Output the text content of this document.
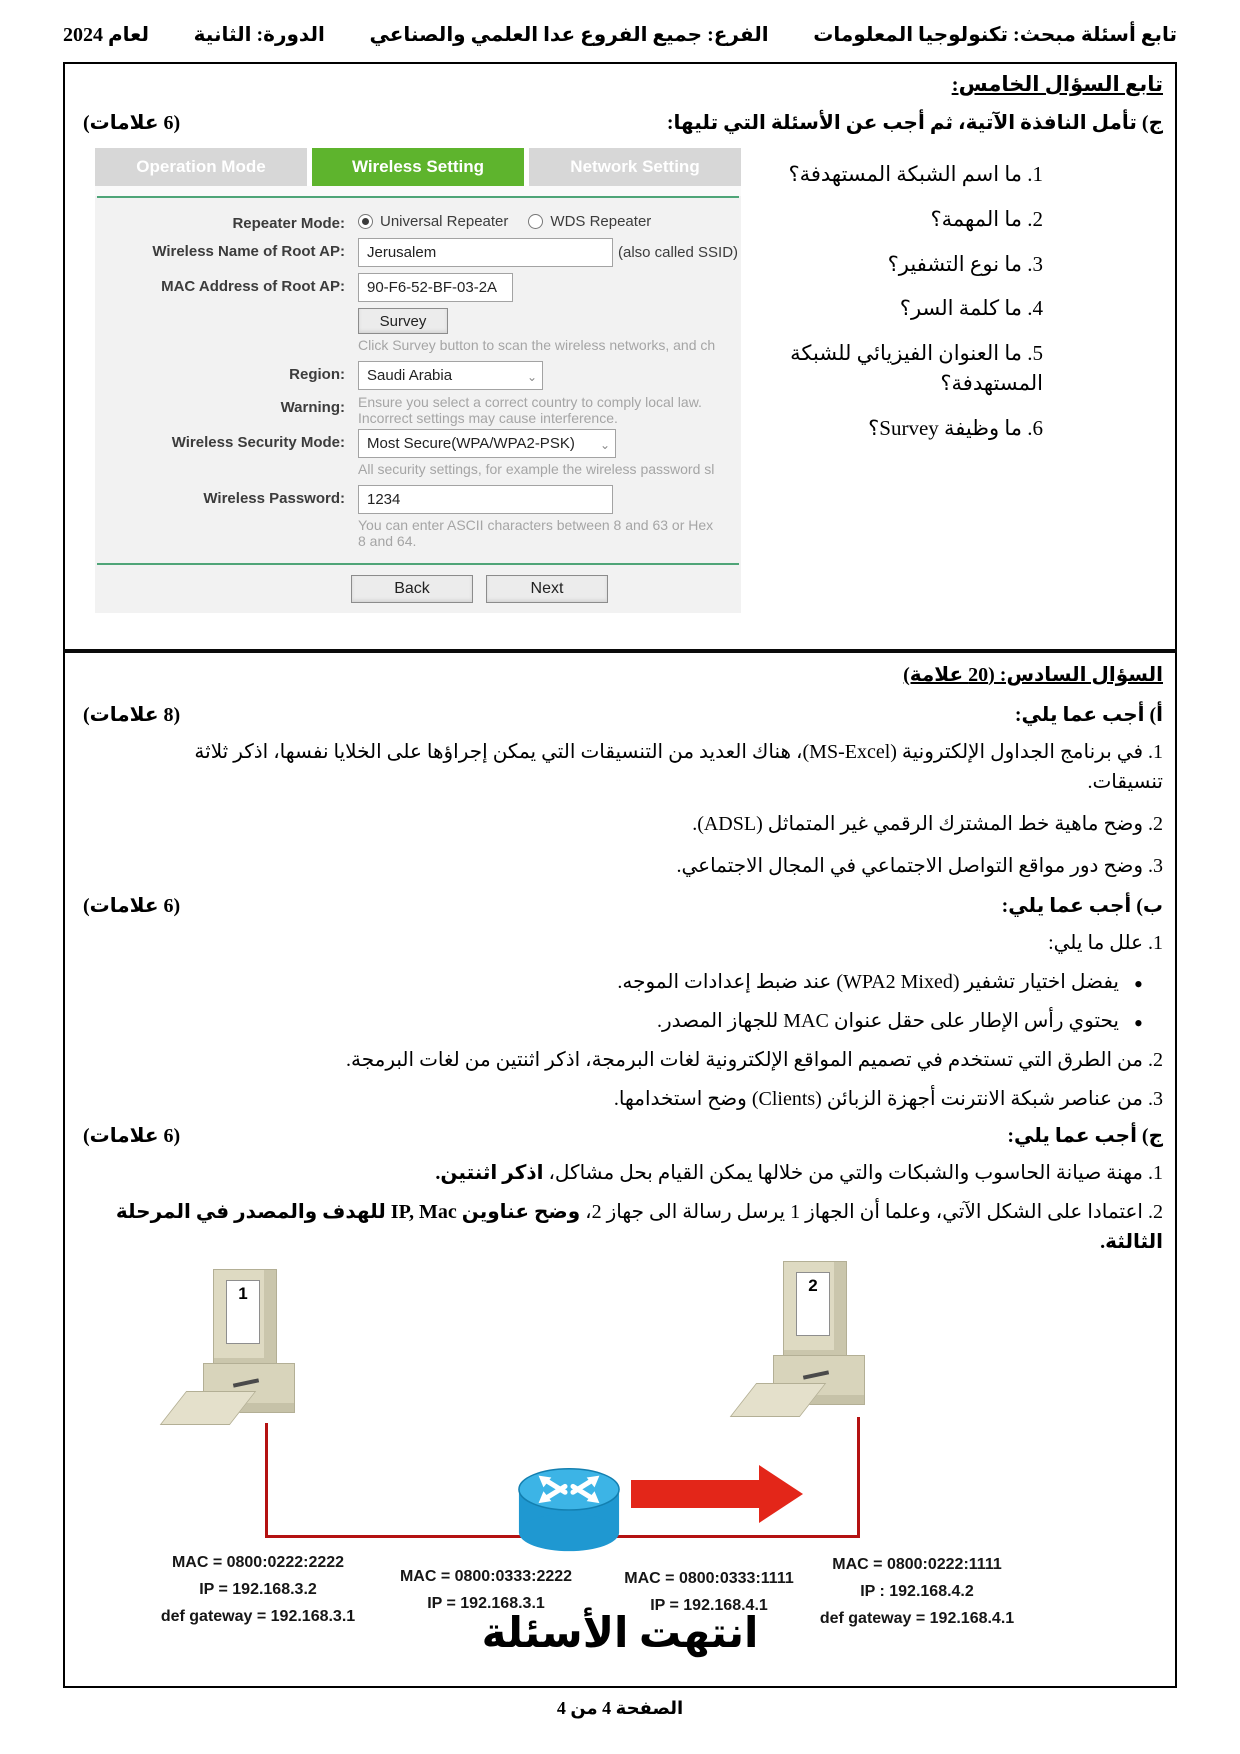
تابع أسئلة مبحث: تكنولوجيا المعلومات
الفرع: جميع الفروع عدا العلمي والصناعي
الدورة: الثانية
لعام 2024
تابع السؤال الخامس:
ج) تأمل النافذة الآتية، ثم أجب عن الأسئلة التي تليها:
(6 علامات)
Operation Mode	Wireless Setting	Network Setting
Repeater Mode: Universal Repeater	WDS Repeater
Wireless Name of Root AP:	Jerusalem	(also called SSID)
MAC Address of Root AP:	90-F6-52-BF-03-2A
Survey
Click Survey button to scan the wireless networks, and ch
Region:	Saudi Arabia	⌄
Warning: Ensure you select a correct country to comply local law.
Incorrect settings may cause interference.
Wireless Security Mode:	Most Secure(WPA/WPA2-PSK) ⌄
All security settings, for example the wireless password sl
Wireless Password:	1234
You can enter ASCII characters between 8 and 63 or Hex
8 and 64.
Back	Next

1. ما اسم الشبكة المستهدفة؟

2. ما المهمة؟

3. ما نوع التشفير؟

4. ما كلمة السر؟

5. ما العنوان الفيزيائي للشبكة المستهدفة؟

6. ما وظيفة Survey؟

السؤال السادس: (20 علامة)

أ) أجب عما يلي:
(8 علامات)

1. في برنامج الجداول الإلكترونية (MS-Excel)، هناك العديد من التنسيقات التي يمكن إجراؤها على الخلايا نفسها، اذكر ثلاثة تنسيقات.

2. وضح ماهية خط المشترك الرقمي غير المتماثل (ADSL).

3. وضح دور مواقع التواصل الاجتماعي في المجال الاجتماعي.

ب) أجب عما يلي:
(6 علامات)

1. علل ما يلي:

• يفضل اختيار تشفير (WPA2 Mixed) عند ضبط إعدادات الموجه.

• يحتوي رأس الإطار على حقل عنوان MAC للجهاز المصدر.

2. من الطرق التي تستخدم في تصميم المواقع الإلكترونية لغات البرمجة، اذكر اثنتين من لغات البرمجة.

3. من عناصر شبكة الانترنت أجهزة الزبائن (Clients) وضح استخدامها.

ج) أجب عما يلي:
(6 علامات)

1. مهنة صيانة الحاسوب والشبكات والتي من خلالها يمكن القيام بحل مشاكل، اذكر اثنتين.

2. اعتمادا على الشكل الآتي، وعلما أن الجهاز 1 يرسل رسالة الى جهاز 2، وضح عناوين IP, Mac للهدف والمصدر في المرحلة الثالثة.

1	2
MAC = 0800:0222:2222
IP = 192.168.3.2
def gateway = 192.168.3.1
MAC = 0800:0333:2222
IP = 192.168.3.1
MAC = 0800:0333:1111
IP = 192.168.4.1
MAC = 0800:0222:1111
IP : 192.168.4.2
def gateway = 192.168.4.1
انتهت الأسئلة
الصفحة 4 من 4
